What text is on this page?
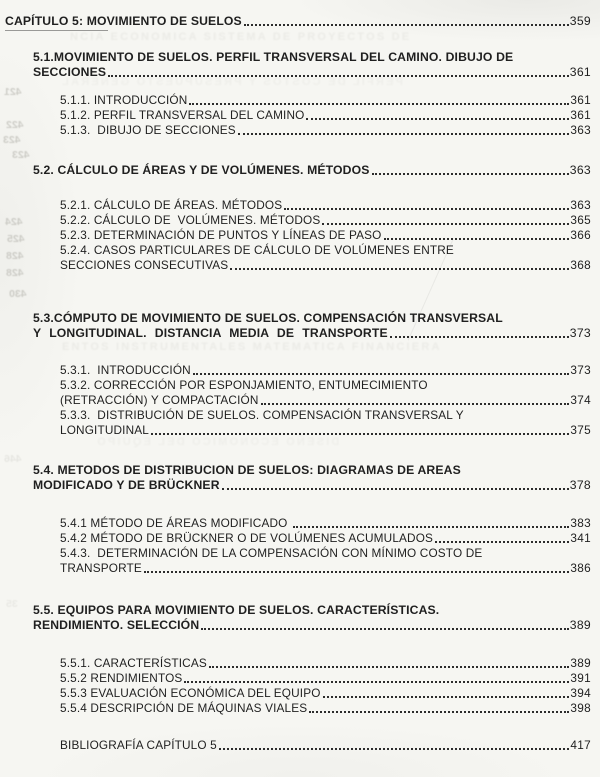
NCIA ECONOMICA SISTEMA DE PROYECTOS DE
PERFIL DE COSTOS Y PRESUPUESTO GENERAL
ENTOS INSTRUMENTALES MATEMATICA FINANCIERA
DISEÑO ECONOMICO DEL EQUIPO
421
422
423
423
424
425
428
428
430
446
35
CAPÍTULO 5: MOVIMIENTO DE SUELOS	359
5.1.MOVIMIENTO DE SUELOS. PERFIL TRANSVERSAL DEL CAMINO. DIBUJO DE
SECCIONES	361
5.1.1. INTRODUCCIÓN	361
5.1.2. PERFIL TRANSVERSAL DEL CAMINO	361
5.1.3.  DIBUJO DE SECCIONES	363
5.2. CÁLCULO DE ÁREAS Y DE VOLÚMENES. MÉTODOS	363
5.2.1. CÁLCULO DE ÁREAS. MÉTODOS	363
5.2.2. CÁLCULO DE  VOLÚMENES. MÉTODOS	365
5.2.3. DETERMINACIÓN DE PUNTOS Y LÍNEAS DE PASO	366
5.2.4. CASOS PARTICULARES DE CÁLCULO DE VOLÚMENES ENTRE
SECCIONES CONSECUTIVAS	368
5.3.CÓMPUTO DE MOVIMIENTO DE SUELOS. COMPENSACIÓN TRANSVERSAL
Y LONGITUDINAL. DISTANCIA MEDIA DE TRANSPORTE	373
5.3.1.  INTRODUCCIÓN	373
5.3.2. CORRECCIÓN POR ESPONJAMIENTO, ENTUMECIMIENTO
(RETRACCIÓN) Y COMPACTACIÓN	374
5.3.3.  DISTRIBUCIÓN DE SUELOS. COMPENSACIÓN TRANSVERSAL Y
LONGITUDINAL	375
5.4. METODOS DE DISTRIBUCION DE SUELOS: DIAGRAMAS DE AREAS
MODIFICADO Y DE BRÜCKNER	378
5.4.1 MÉTODO DE ÁREAS MODIFICADO	383
5.4.2 MÉTODO DE BRÜCKNER O DE VOLÚMENES ACUMULADOS	341
5.4.3.  DETERMINACIÓN DE LA COMPENSACIÓN CON MÍNIMO COSTO DE
TRANSPORTE	386
5.5. EQUIPOS PARA MOVIMIENTO DE SUELOS. CARACTERÍSTICAS.
RENDIMIENTO. SELECCIÓN	389
5.5.1. CARACTERÍSTICAS	389
5.5.2 RENDIMIENTOS	391
5.5.3 EVALUACIÓN ECONÓMICA DEL EQUIPO	394
5.5.4 DESCRIPCIÓN DE MÁQUINAS VIALES	398
BIBLIOGRAFÍA CAPÍTULO 5	417
